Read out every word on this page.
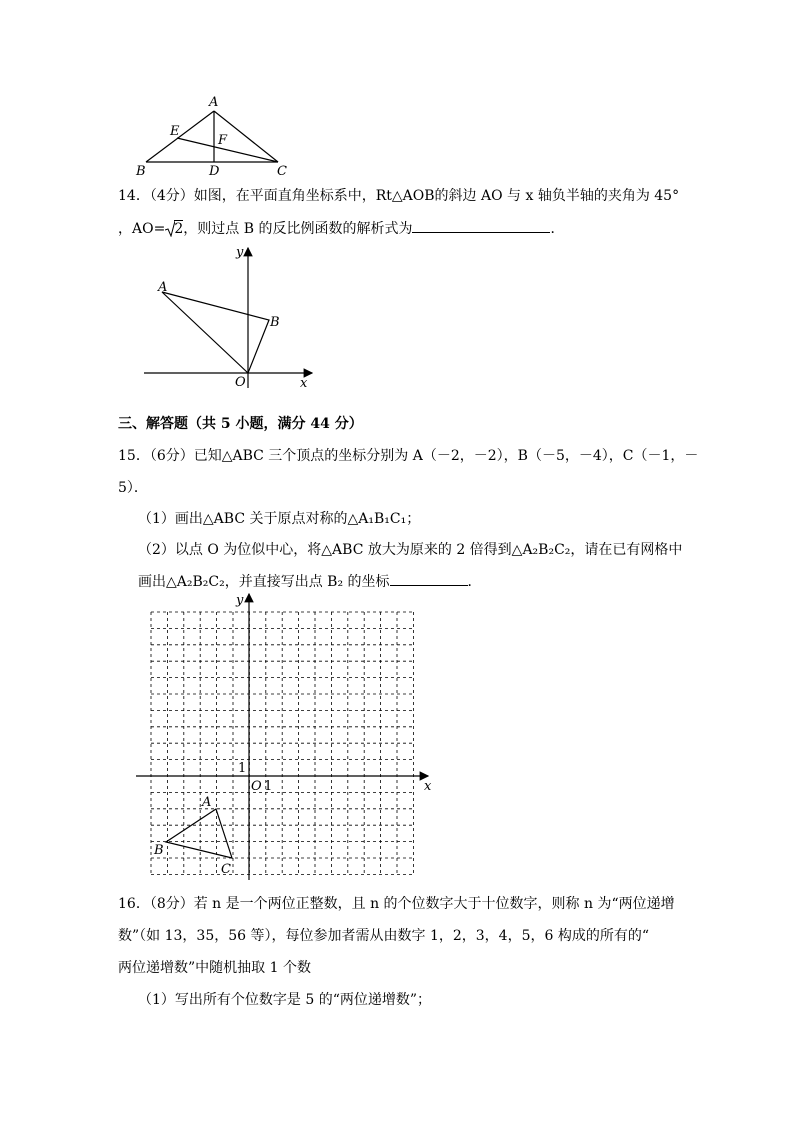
A
B	C
D
E
F
14．（4分）如图，在平面直角坐标系中，Rt△AOB的斜边 AO 与 x 轴负半轴的夹角为 45°
，AO= 2，则过点 B 的反比例函数的解析式为	．
A
B
O	x
y
三、解答题（共 5 小题，满分 44 分）
15．（6分）已知△ABC 三个顶点的坐标分别为 A（－2，－2），B（－5，－4），C（－1，－
5）．
（1）画出△ABC 关于原点对称的△A₁B₁C₁；
（2）以点 O 为位似中心，将△ABC 放大为原来的 2 倍得到△A₂B₂C₂，请在已有网格中
画出△A₂B₂C₂，并直接写出点 B₂ 的坐标	．
A
B
C
O 1
1
x
y
16．（8分）若 n 是一个两位正整数，且 n 的个位数字大于十位数字，则称 n 为“两位递增
数”（如 13，35，56 等），每位参加者需从由数字 1，2，3，4，5，6 构成的所有的“
两位递增数”中随机抽取 1 个数
（1）写出所有个位数字是 5 的“两位递增数”；
